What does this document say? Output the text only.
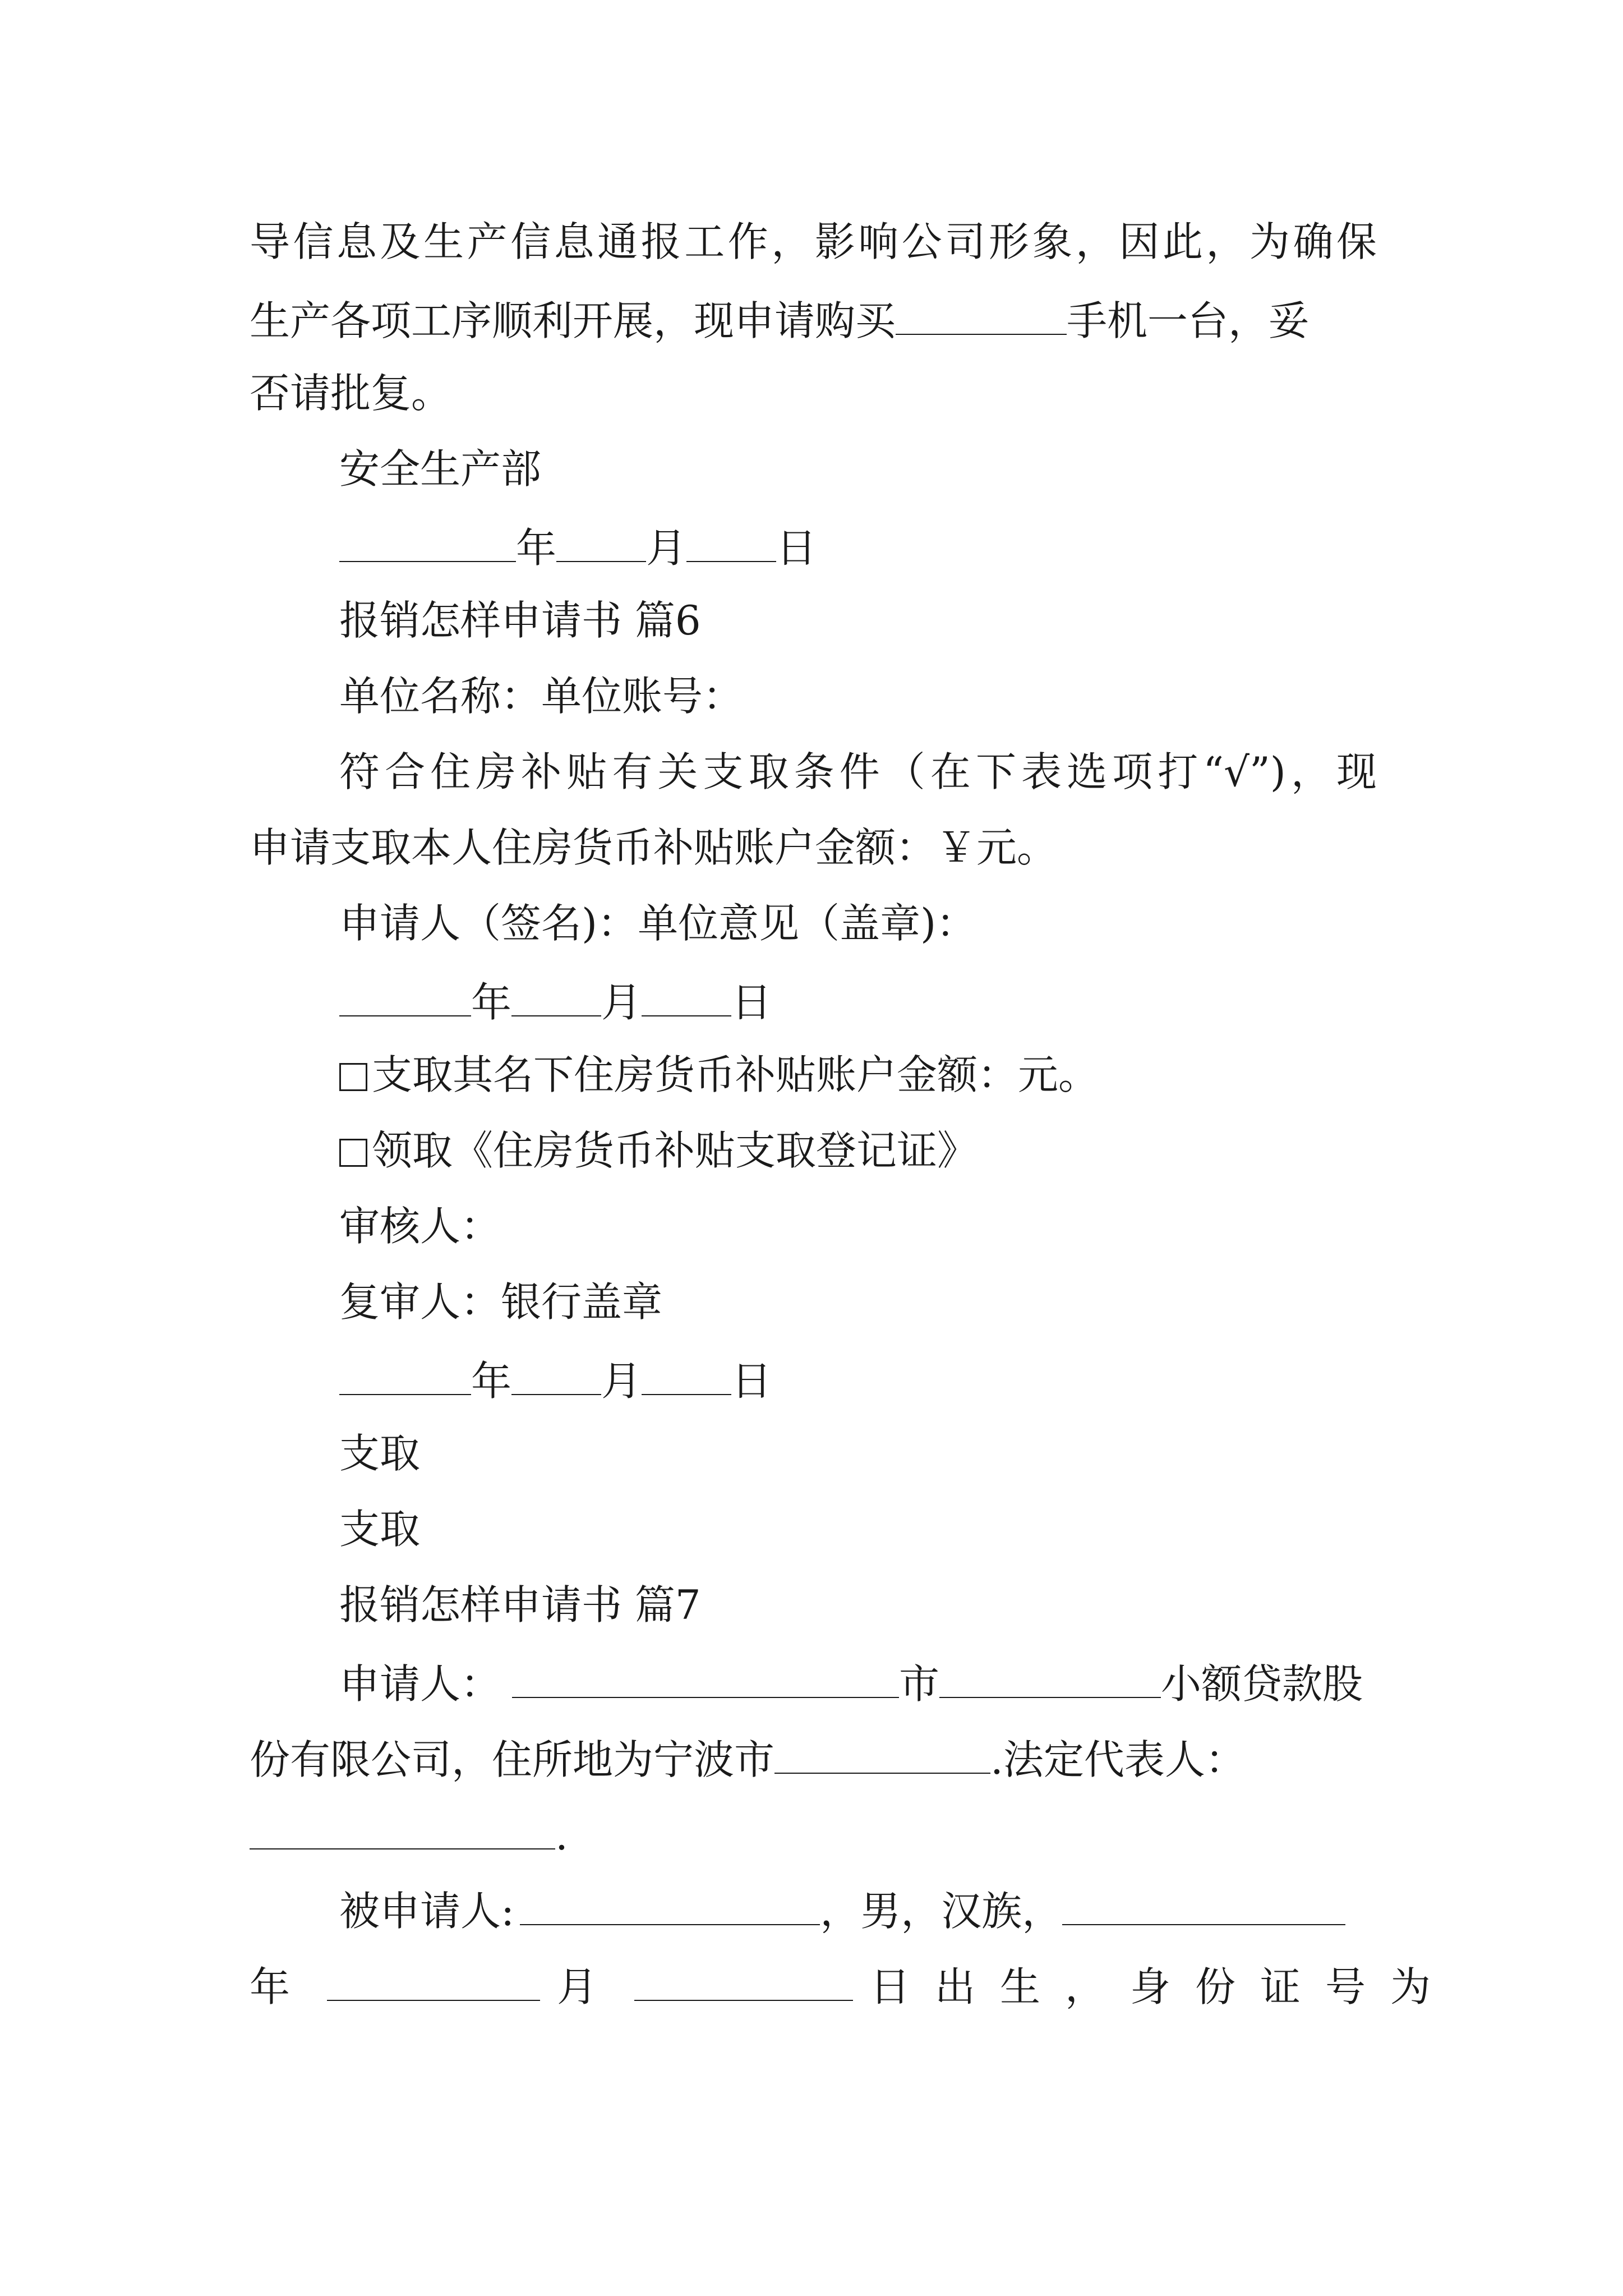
导信息及生产信息通报工作，影响公司形象，因此，为确保
生产各项工序顺利开展，现申请购买	手机一台，妥
否请批复。
安全生产部
年 月 日
报销怎样申请书 篇6
单位名称：单位账号：
符合住房补贴有关支取条件（在下表选项打“√”)，现
申请支取本人住房货币补贴账户金额：￥元。
申请人（签名)：单位意见（盖章)：
年 月 日
支取其名下住房货币补贴账户金额：元。
领取《住房货币补贴支取登记证》
审核人：
复审人：银行盖章
年 月 日
支取
支取
报销怎样申请书 篇7
申请人：	市	小额贷款股
份有限公司，住所地为宁波市	.法定代表人：
.
被申请人:	，男，汉族，
年	月	日出生，身份证号为
